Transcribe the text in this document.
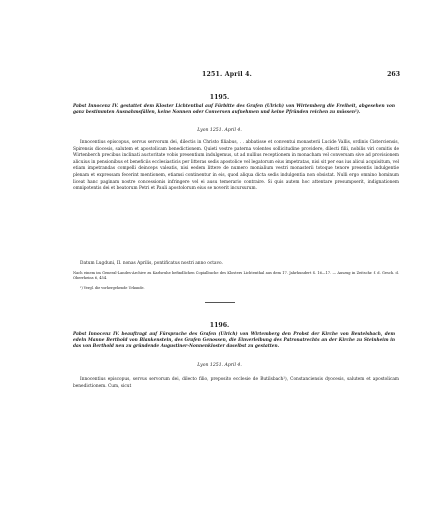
1251. April 4.	263
1195.
Pabst Innocenz IV. gestattet dem Kloster Lichtenthal auf Fürbitte des Grafen (Ulrich) von Wirtemberg die Freiheit, abgesehen von ganz bestimmten Ausnahmsfällen, keine Nonnen oder Conversen aufnehmen und keine Pfründen reichen zu müssen¹).
Lyon 1251. April 4.

Innocentius episcopus, servus servorum dei, dilectis in Christo filiabus, . . abbatisse et conventui monasterii Lucide Vallis, ordinis Cisterciensis, Spirensis diocesis, salutem et apostolicam benedictionem. Quieti vestre paterna volentes sollicitudine providere, dilecti filii, nobilis viri comitis de Wirtenberch precibus inclinati auctoritate vobis presentium indulgemus, ut ad nullius receptionem in monacham vel conversam sive ad provisionem alicuius in pensionibus et beneficiis ecclesiasticis per litteras sedis apostolice vel legatorum eius impetratas, nisi sit per eas ius alicui acquisitum, vel etiam impetrandas compelli deinceps valeatis, nisi eedem littere de numero monialium vestri monasterii totoque tenore presentis indulgentie plenam et expressam fecerint mentionem, etiamsi continentur in eis, quod aliqua dicta sedis indulgentia non obsistat. Nulli ergo omnino hominum liceat hanc paginam nostre concessionis infringere vel ei ausu temerario contraire. Si quis autem hoc attentare presumpserit, indignationem omnipotentis dei et beatorum Petri et Pauli apostolorum eius se noverit incursurum.

Datum Lugduni, II. nonas Aprilis, pontificatus nostri anno octavo.
Nach einem im General-Landes-Archive zu Karlsruhe befindlichen Copialbuche des Klosters Lichtenthal aus dem 17. Jahrhundert S. 16—17. — Auszug in Zeitschr. f. d. Gesch. d. Oberrheins 6, 454.
¹) Vergl. die vorhergehende Urkunde.
1196.
Pabst Innocenz IV. beauftragt auf Fürsprache des Grafen (Ulrich) von Wirtemberg den Probst der Kirche von Beutelsbach, dem edeln Manne Berthold von Blankenstein, des Grafen Genossen, die Einverleibung des Patronatrechts an der Kirche zu Steinheim in das von Berthold neu zu gründende Augustiner-Nonnenkloster daselbst zu gestatten.
Lyon 1251. April 4.

Innocentius episcopus, servus servorum dei, dilecto filio, preposito ecclesie de Butilsbach¹), Constanciensis dyocesis, salutem et apostolicam benedictionem. Cum, sicut
